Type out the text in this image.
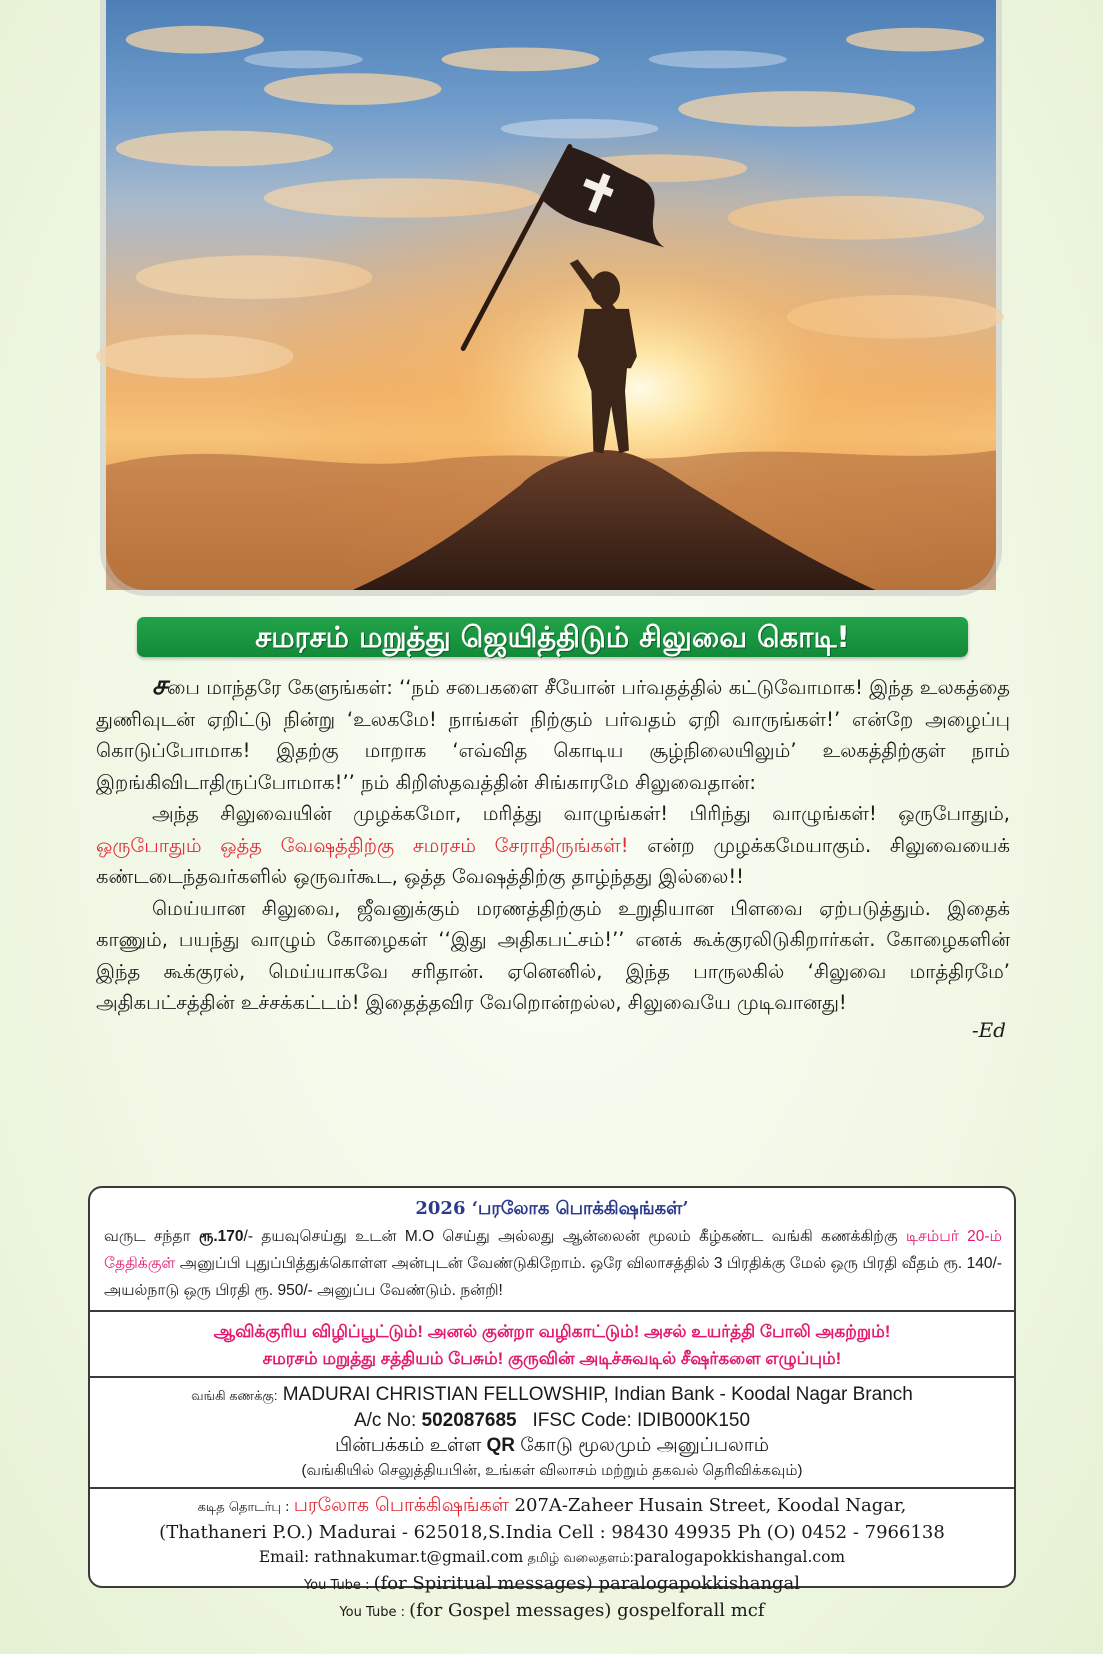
சமரசம் மறுத்து ஜெயித்திடும் சிலுவை கொடி!

சபை மாந்தரே கேளுங்கள்: ‘‘நம் சபைகளை சீயோன் பர்வதத்தில் கட்டுவோமாக! இந்த உலகத்தை துணிவுடன் ஏறிட்டு நின்று ‘உலகமே! நாங்கள் நிற்கும் பர்வதம் ஏறி வாருங்கள்!’ என்றே அழைப்பு கொடுப்போமாக! இதற்கு மாறாக ‘எவ்வித கொடிய சூழ்நிலையிலும்’ உலகத்திற்குள் நாம் இறங்கிவிடாதிருப்போமாக!’’ நம் கிறிஸ்தவத்தின் சிங்காரமே சிலுவைதான்:

அந்த சிலுவையின் முழக்கமோ, மரித்து வாழுங்கள்! பிரிந்து வாழுங்கள்! ஒருபோதும், ஒருபோதும் ஒத்த வேஷத்திற்கு சமரசம் சேராதிருங்கள்! என்ற முழக்கமேயாகும். சிலுவையைக் கண்டடைந்தவர்களில் ஒருவர்கூட, ஒத்த வேஷத்திற்கு தாழ்ந்தது இல்லை!!

மெய்யான சிலுவை, ஜீவனுக்கும் மரணத்திற்கும் உறுதியான பிளவை ஏற்படுத்தும். இதைக் காணும், பயந்து வாழும் கோழைகள் ‘‘இது அதிகபட்சம்!’’ எனக் கூக்குரலிடுகிறார்கள். கோழைகளின் இந்த கூக்குரல், மெய்யாகவே சரிதான். ஏனெனில், இந்த பாருலகில் ‘சிலுவை மாத்திரமே’ அதிகபட்சத்தின் உச்சக்கட்டம்! இதைத்தவிர வேறொன்றல்ல, சிலுவையே முடிவானது!

-Ed
2026 ‘பரலோக பொக்கிஷங்கள்’
வருட சந்தா ரூ.170/- தயவுசெய்து உடன் M.O செய்து அல்லது ஆன்லைன் மூலம் கீழ்கண்ட வங்கி கணக்கிற்கு டிசம்பர் 20-ம் தேதிக்குள் அனுப்பி புதுப்பித்துக்கொள்ள அன்புடன் வேண்டுகிறோம். ஒரே விலாசத்தில் 3 பிரதிக்கு மேல் ஒரு பிரதி வீதம் ரூ. 140/- அயல்நாடு ஒரு பிரதி ரூ. 950/- அனுப்ப வேண்டும். நன்றி!
ஆவிக்குரிய விழிப்பூட்டும்! அனல் குன்றா வழிகாட்டும்! அசல் உயர்த்தி போலி அகற்றும்!
சமரசம் மறுத்து சத்தியம் பேசும்! குருவின் அடிச்சுவடில் சீஷர்களை எழுப்பும்!
வங்கி கணக்கு: MADURAI CHRISTIAN FELLOWSHIP, Indian Bank - Koodal Nagar Branch
A/c No: 502087685 IFSC Code: IDIB000K150
பின்பக்கம் உள்ள QR கோடு மூலமும் அனுப்பலாம்
(வங்கியில் செலுத்தியபின், உங்கள் விலாசம் மற்றும் தகவல் தெரிவிக்கவும்)
கடித தொடர்பு : பரலோக பொக்கிஷங்கள் 207A-Zaheer Husain Street, Koodal Nagar,
(Thathaneri P.O.) Madurai - 625018,S.India Cell : 98430 49935 Ph (O) 0452 - 7966138
Email: rathnakumar.t@gmail.com தமிழ் வலைதளம்:paralogapokkishangal.com
You Tube : (for Spiritual messages) paralogapokkishangal
You Tube : (for Gospel messages) gospelforall mcf
